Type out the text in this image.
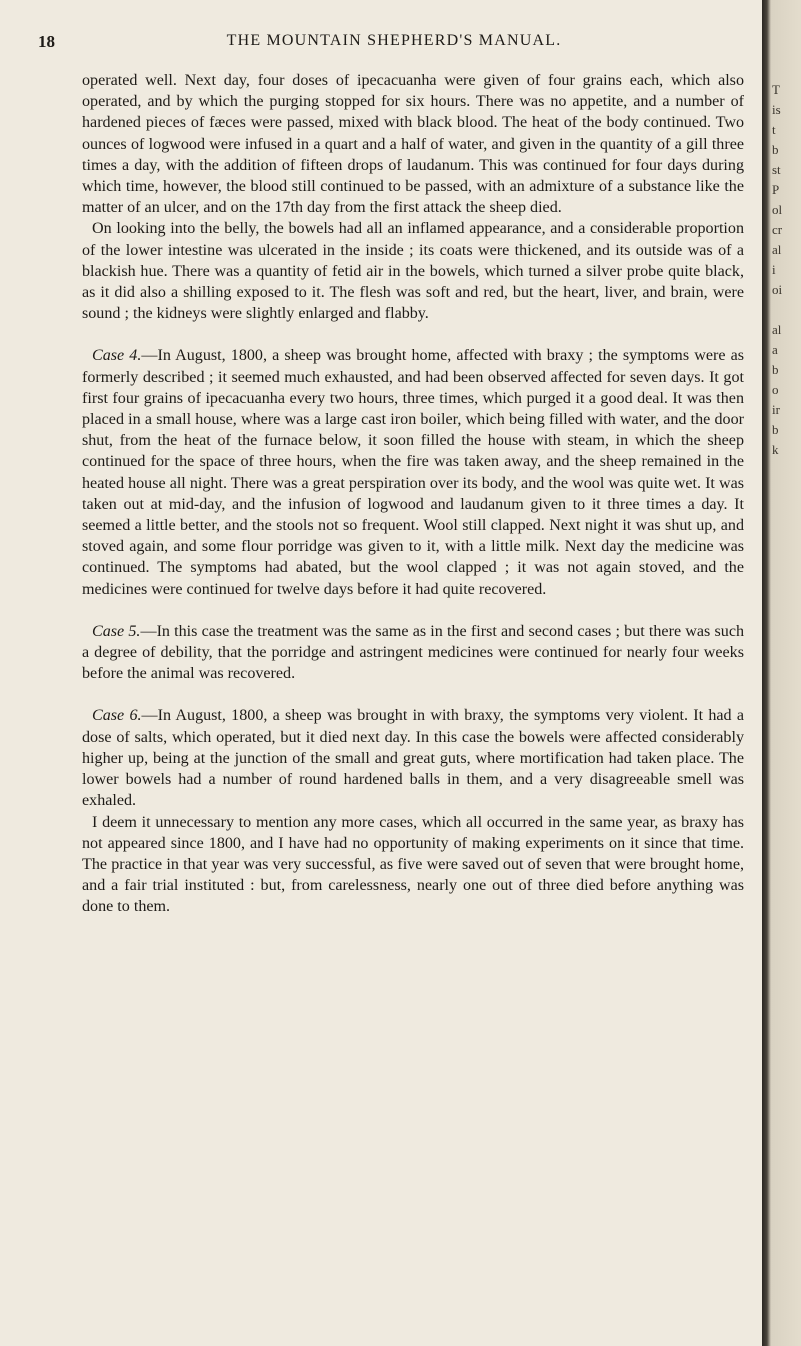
18	THE MOUNTAIN SHEPHERD'S MANUAL.

operated well. Next day, four doses of ipecacuanha were given of four grains each, which also operated, and by which the purging stopped for six hours. There was no appetite, and a number of hardened pieces of fæces were passed, mixed with black blood. The heat of the body continued. Two ounces of logwood were infused in a quart and a half of water, and given in the quantity of a gill three times a day, with the addition of fifteen drops of laudanum. This was continued for four days during which time, however, the blood still continued to be passed, with an admixture of a substance like the matter of an ulcer, and on the 17th day from the first attack the sheep died.

On looking into the belly, the bowels had all an inflamed appearance, and a considerable proportion of the lower intestine was ulcerated in the inside ; its coats were thickened, and its outside was of a blackish hue. There was a quantity of fetid air in the bowels, which turned a silver probe quite black, as it did also a shilling exposed to it. The flesh was soft and red, but the heart, liver, and brain, were sound ; the kidneys were slightly enlarged and flabby.

Case 4.—In August, 1800, a sheep was brought home, affected with braxy ; the symptoms were as formerly described ; it seemed much exhausted, and had been observed affected for seven days. It got first four grains of ipecacuanha every two hours, three times, which purged it a good deal. It was then placed in a small house, where was a large cast iron boiler, which being filled with water, and the door shut, from the heat of the furnace below, it soon filled the house with steam, in which the sheep continued for the space of three hours, when the fire was taken away, and the sheep remained in the heated house all night. There was a great perspiration over its body, and the wool was quite wet. It was taken out at mid-day, and the infusion of logwood and laudanum given to it three times a day. It seemed a little better, and the stools not so frequent. Wool still clapped. Next night it was shut up, and stoved again, and some flour porridge was given to it, with a little milk. Next day the medicine was continued. The symptoms had abated, but the wool clapped ; it was not again stoved, and the medicines were continued for twelve days before it had quite recovered.

Case 5.—In this case the treatment was the same as in the first and second cases ; but there was such a degree of debility, that the porridge and astringent medicines were continued for nearly four weeks before the animal was recovered.

Case 6.—In August, 1800, a sheep was brought in with braxy, the symptoms very violent. It had a dose of salts, which operated, but it died next day. In this case the bowels were affected considerably higher up, being at the junction of the small and great guts, where mortification had taken place. The lower bowels had a number of round hardened balls in them, and a very disagreeable smell was exhaled.

I deem it unnecessary to mention any more cases, which all occurred in the same year, as braxy has not appeared since 1800, and I have had no opportunity of making experiments on it since that time. The practice in that year was very successful, as five were saved out of seven that were brought home, and a fair trial instituted : but, from carelessness, nearly one out of three died before anything was done to them.

T
is
t
b
st
P
ol
cr
al
i
oi

al
a
b
o
ir
b
k
